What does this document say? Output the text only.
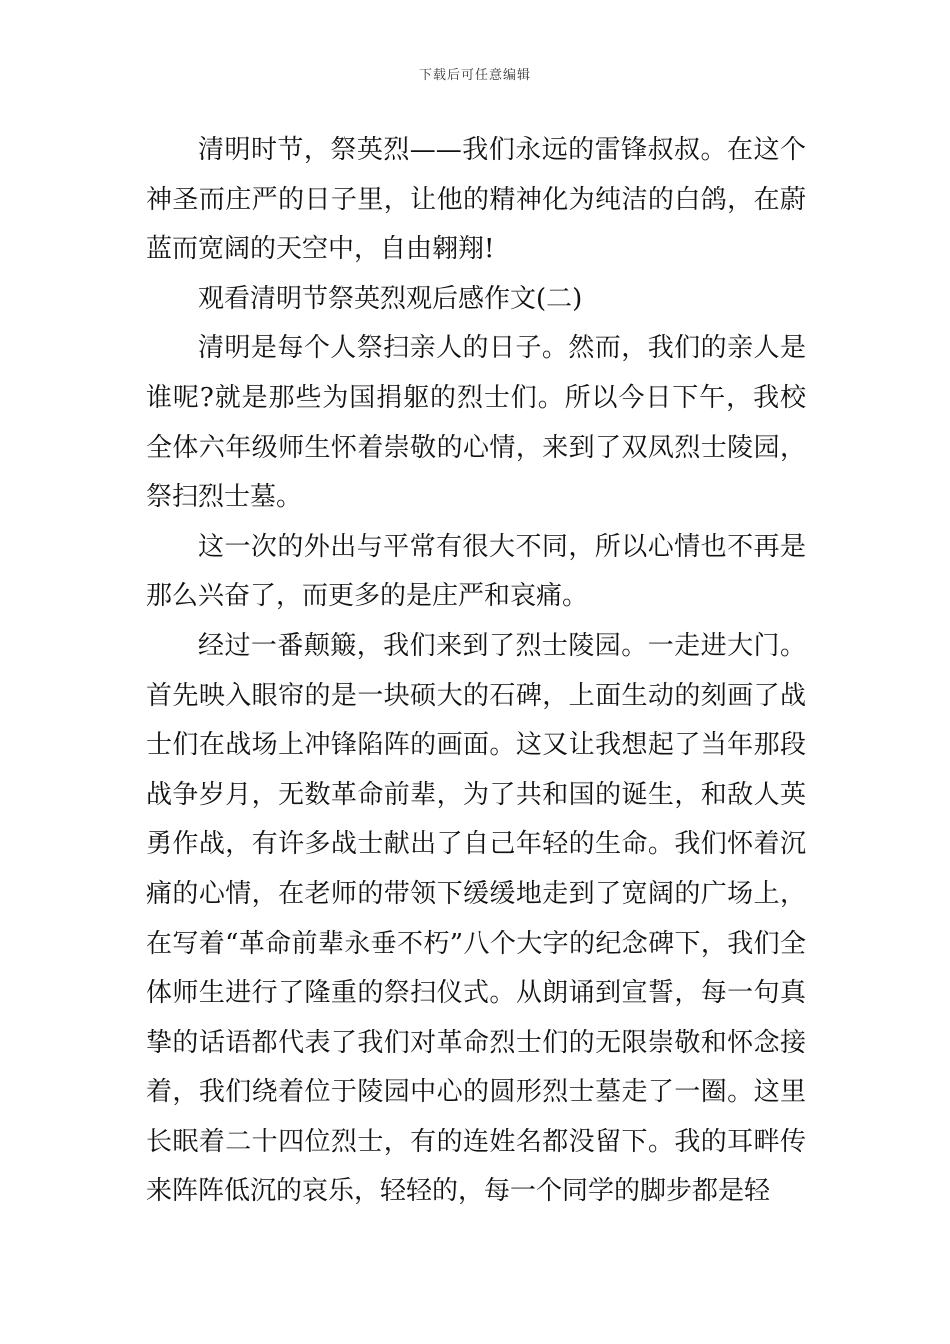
下载后可任意编辑

清明时节，祭英烈——我们永远的雷锋叔叔。在这个神圣而庄严的日子里，让他的精神化为纯洁的白鸽，在蔚蓝而宽阔的天空中，自由翱翔!

观看清明节祭英烈观后感作文(二)

清明是每个人祭扫亲人的日子。然而，我们的亲人是谁呢?就是那些为国捐躯的烈士们。所以今日下午，我校全体六年级师生怀着崇敬的心情，来到了双凤烈士陵园，祭扫烈士墓。

这一次的外出与平常有很大不同，所以心情也不再是那么兴奋了，而更多的是庄严和哀痛。

经过一番颠簸，我们来到了烈士陵园。一走进大门。首先映入眼帘的是一块硕大的石碑，上面生动的刻画了战士们在战场上冲锋陷阵的画面。这又让我想起了当年那段战争岁月，无数革命前辈，为了共和国的诞生，和敌人英勇作战，有许多战士献出了自己年轻的生命。我们怀着沉痛的心情，在老师的带领下缓缓地走到了宽阔的广场上，在写着“革命前辈永垂不朽”八个大字的纪念碑下，我们全体师生进行了隆重的祭扫仪式。从朗诵到宣誓，每一句真挚的话语都代表了我们对革命烈士们的无限崇敬和怀念接着，我们绕着位于陵园中心的圆形烈士墓走了一圈。这里长眠着二十四位烈士，有的连姓名都没留下。我的耳畔传来阵阵低沉的哀乐，轻轻的，每一个同学的脚步都是轻
